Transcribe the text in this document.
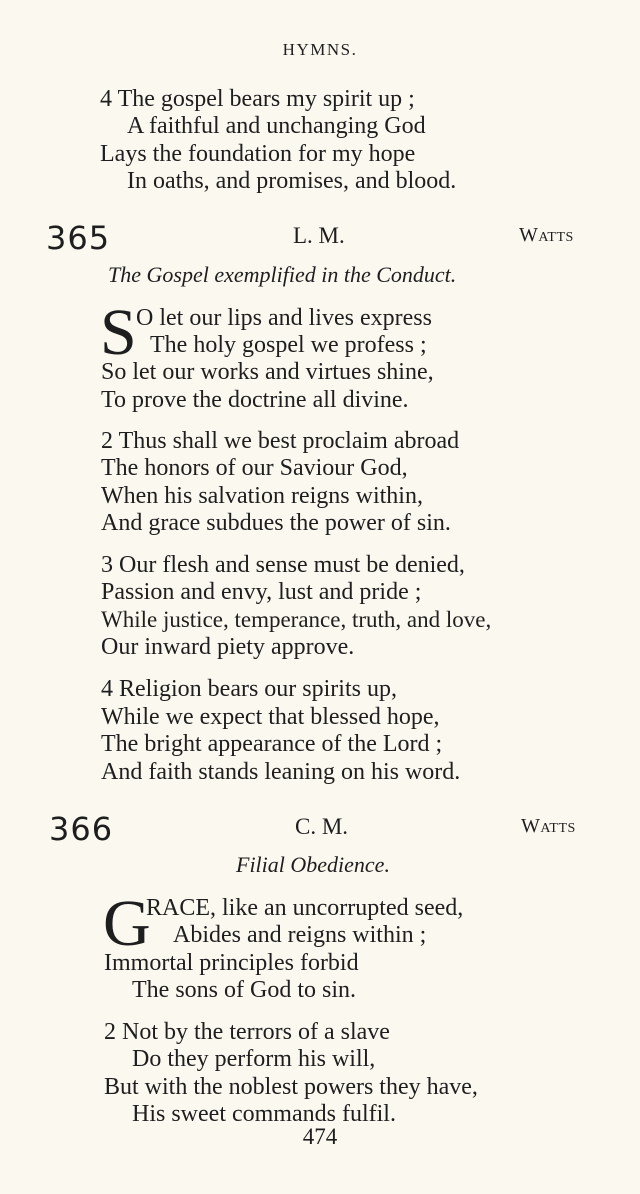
HYMNS.
4 The gospel bears my spirit up ;
A faithful and unchanging God
Lays the foundation for my hope
In oaths, and promises, and blood.
365	L. M.	Watts
The Gospel exemplified in the Conduct.
S O let our lips and lives express
The holy gospel we profess ;
So let our works and virtues shine,
To prove the doctrine all divine.
2 Thus shall we best proclaim abroad
The honors of our Saviour God,
When his salvation reigns within,
And grace subdues the power of sin.
3 Our flesh and sense must be denied,
Passion and envy, lust and pride ;
While justice, temperance, truth, and love,
Our inward piety approve.
4 Religion bears our spirits up,
While we expect that blessed hope,
The bright appearance of the Lord ;
And faith stands leaning on his word.
366	C. M.	Watts
Filial Obedience.
G
RACE, like an uncorrupted seed,
Abides and reigns within ;
Immortal principles forbid
The sons of God to sin.
2 Not by the terrors of a slave
Do they perform his will,
But with the noblest powers they have,
His sweet commands fulfil.
474
